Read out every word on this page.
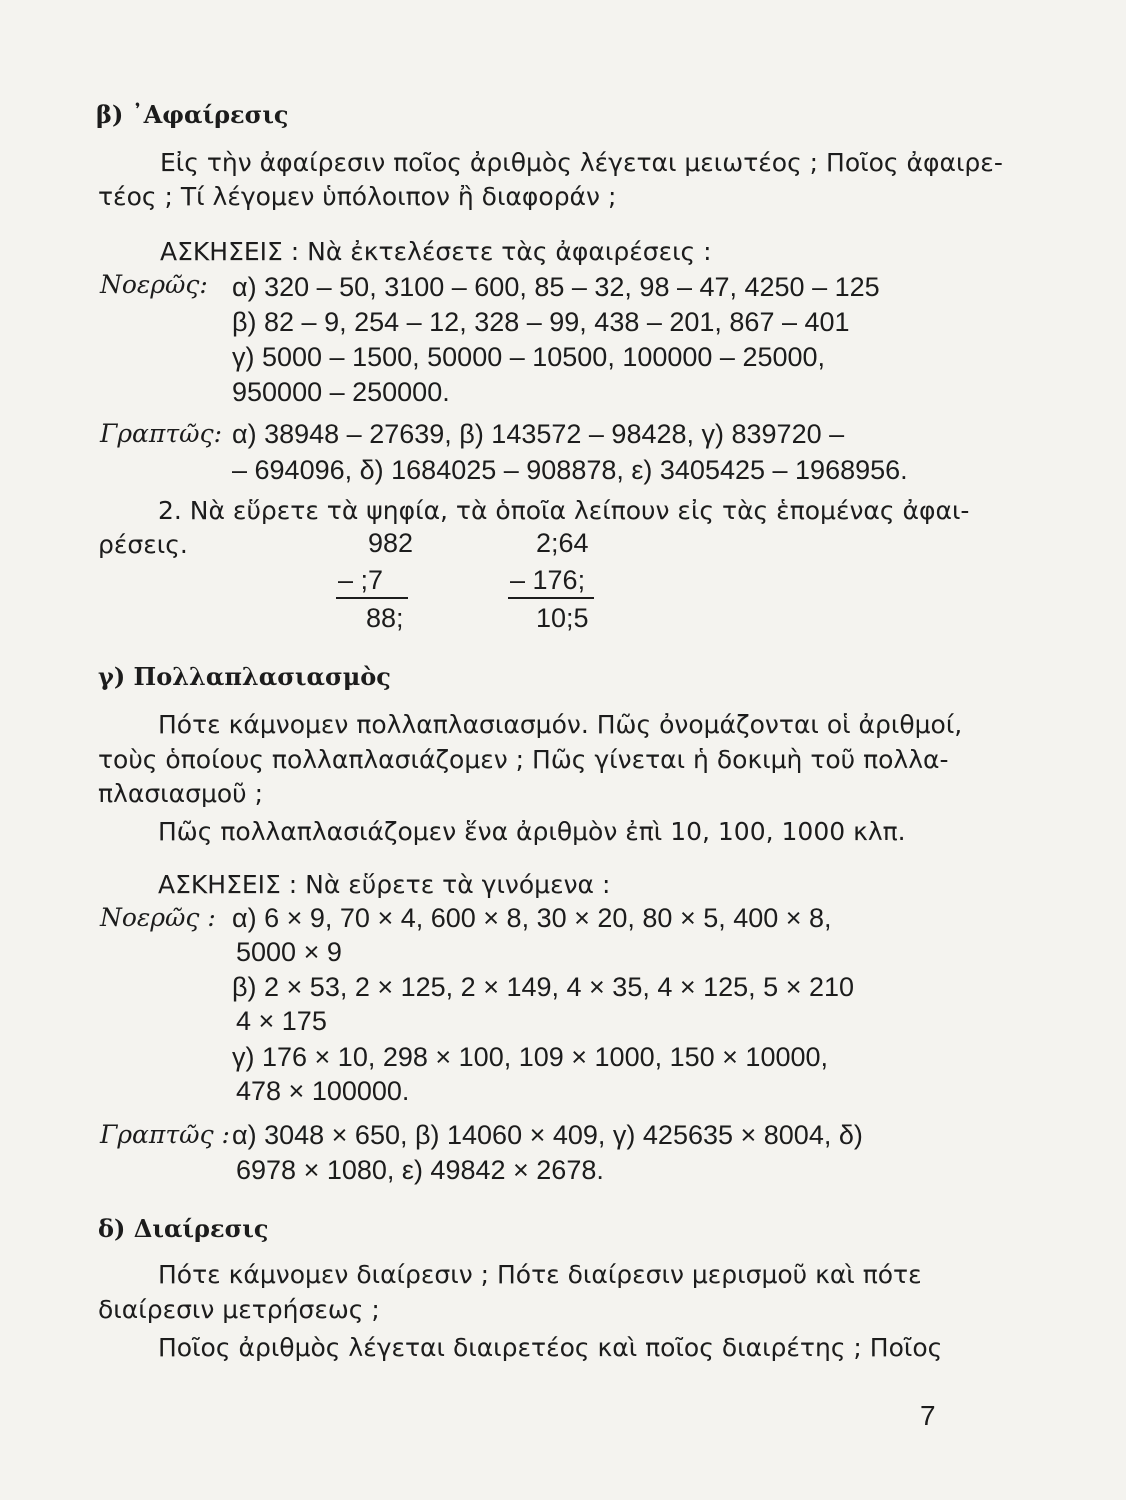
β) ᾿Αφαίρεσις
Εἰς τὴν ἀφαίρεσιν ποῖος ἀριθμὸς λέγεται μειωτέος ; Ποῖος ἀφαιρε-
τέος ; Τί λέγομεν ὑπόλοιπον ἢ διαφοράν ;
ΑΣΚΗΣΕΙΣ : Νὰ ἐκτελέσετε τὰς ἀφαιρέσεις :
Νοερῶς: α) 320 – 50, 3100 – 600, 85 – 32, 98 – 47, 4250 – 125
β) 82 – 9, 254 – 12, 328 – 99, 438 – 201, 867 – 401
γ) 5000 – 1500, 50000 – 10500, 100000 – 25000,
950000 – 250000.
Γραπτῶς: α) 38948 – 27639, β) 143572 – 98428, γ) 839720 –
– 694096, δ) 1684025 – 908878, ε) 3405425 – 1968956.
2. Νὰ εὕρετε τὰ ψηφία, τὰ ὁποῖα λείπουν εἰς τὰς ἑπομένας ἀφαι-
ρέσεις.	982
– ;7
88;
2;64
– 176;
10;5
γ) Πολλαπλασιασμὸς
Πότε κάμνομεν πολλαπλασιασμόν. Πῶς ὀνομάζονται οἱ ἀριθμοί,
τοὺς ὁποίους πολλαπλασιάζομεν ; Πῶς γίνεται ἡ δοκιμὴ τοῦ πολλα-
πλασιασμοῦ ;
Πῶς πολλαπλασιάζομεν ἕνα ἀριθμὸν ἐπὶ 10, 100, 1000 κλπ.
ΑΣΚΗΣΕΙΣ : Νὰ εὕρετε τὰ γινόμενα :
Νοερῶς : α) 6 × 9, 70 × 4, 600 × 8, 30 × 20, 80 × 5, 400 × 8,
5000 × 9
β) 2 × 53, 2 × 125, 2 × 149, 4 × 35, 4 × 125, 5 × 210
4 × 175
γ) 176 × 10, 298 × 100, 109 × 1000, 150 × 10000,
478 × 100000.
Γραπτῶς : α) 3048 × 650, β) 14060 × 409, γ) 425635 × 8004, δ)
6978 × 1080, ε) 49842 × 2678.
δ) Διαίρεσις
Πότε κάμνομεν διαίρεσιν ; Πότε διαίρεσιν μερισμοῦ καὶ πότε
διαίρεσιν μετρήσεως ;
Ποῖος ἀριθμὸς λέγεται διαιρετέος καὶ ποῖος διαιρέτης ; Ποῖος
7
